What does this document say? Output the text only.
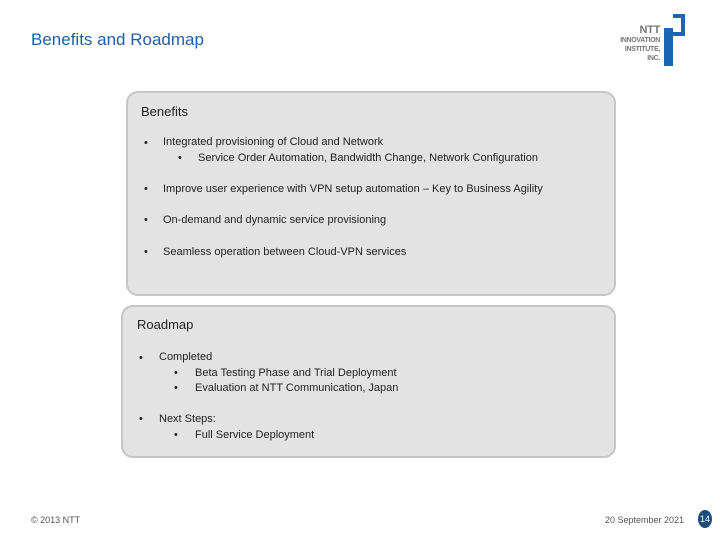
Benefits and Roadmap	NTT
INNOVATION
INSTITUTE,
INC.
Benefits
• Integrated provisioning of Cloud and Network
• Service Order Automation, Bandwidth Change, Network Configuration
• Improve user experience with VPN setup automation – Key to Business Agility
• On-demand and dynamic service provisioning
• Seamless operation between Cloud-VPN services
Roadmap
• Completed
• Beta Testing Phase and Trial Deployment
• Evaluation at NTT Communication, Japan
• Next Steps:
• Full Service Deployment
© 2013 NTT	20 September 2021 14
